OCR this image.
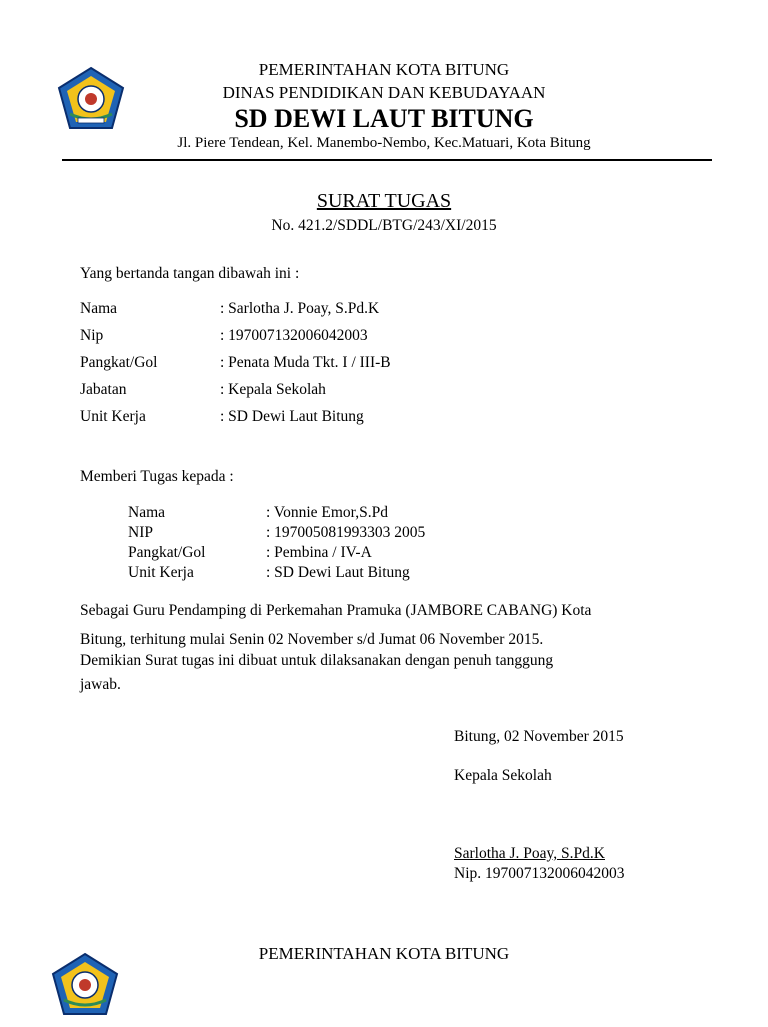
PEMERINTAHAN KOTA BITUNG
DINAS PENDIDIKAN DAN KEBUDAYAAN
SD DEWI LAUT BITUNG
Jl. Piere Tendean, Kel. Manembo-Nembo, Kec.Matuari, Kota Bitung
SURAT TUGAS
No. 421.2/SDDL/BTG/243/XI/2015
Yang bertanda tangan dibawah ini :
Nama	: Sarlotha J. Poay, S.Pd.K
Nip	: 197007132006042003
Pangkat/Gol	: Penata Muda Tkt. I / III-B
Jabatan	: Kepala Sekolah
Unit Kerja	: SD Dewi Laut Bitung
Memberi Tugas kepada :
Nama	: Vonnie Emor,S.Pd
NIP	: 197005081993303 2005
Pangkat/Gol	: Pembina / IV-A
Unit Kerja	: SD Dewi Laut Bitung
Sebagai Guru Pendamping di Perkemahan Pramuka (JAMBORE CABANG) Kota
Bitung, terhitung mulai Senin 02 November s/d Jumat 06 November 2015.
Demikian Surat tugas ini dibuat untuk dilaksanakan dengan penuh tanggung
jawab.
Bitung, 02 November 2015
Kepala Sekolah
Sarlotha J. Poay, S.Pd.K
Nip. 197007132006042003
PEMERINTAHAN KOTA BITUNG
